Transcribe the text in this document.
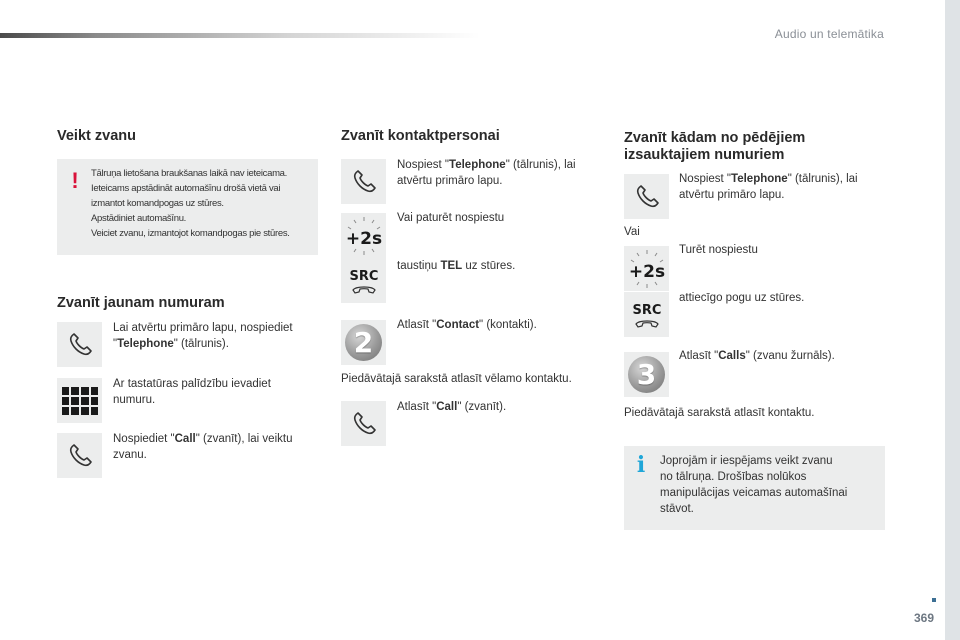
Audio un telemātika
Veikt zvanu
!	Tālruņa lietošana braukšanas laikā nav ieteicama.
Ieteicams apstādināt automašīnu drošā vietā vai
izmantot komandpogas uz stūres.
Apstādiniet automašīnu.
Veiciet zvanu, izmantojot komandpogas pie stūres.
Zvanīt jaunam numuram
Lai atvērtu primāro lapu, nospiediet
"Telephone" (tālrunis).
Ar tastatūras palīdzību ievadiet
numuru.
Nospiediet "Call" (zvanīt), lai veiktu
zvanu.
Zvanīt kontaktpersonai
Nospiest "Telephone" (tālrunis), lai
atvērtu primāro lapu.
+2s
Vai paturēt nospiestu
SRC
taustiņu TEL uz stūres.
2
Atlasīt "Contact" (kontakti).
Piedāvātajā sarakstā atlasīt vēlamo kontaktu.
Atlasīt "Call" (zvanīt).
Zvanīt kādam no pēdējiem
izsauktajiem numuriem
Nospiest "Telephone" (tālrunis), lai
atvērtu primāro lapu.
Vai
+2s
Turēt nospiestu
SRC
attiecīgo pogu uz stūres.
3
Atlasīt "Calls" (zvanu žurnāls).
Piedāvātajā sarakstā atlasīt kontaktu.
i Joprojām ir iespējams veikt zvanu
no tālruņa. Drošības nolūkos
manipulācijas veicamas automašīnai
stāvot.
369
